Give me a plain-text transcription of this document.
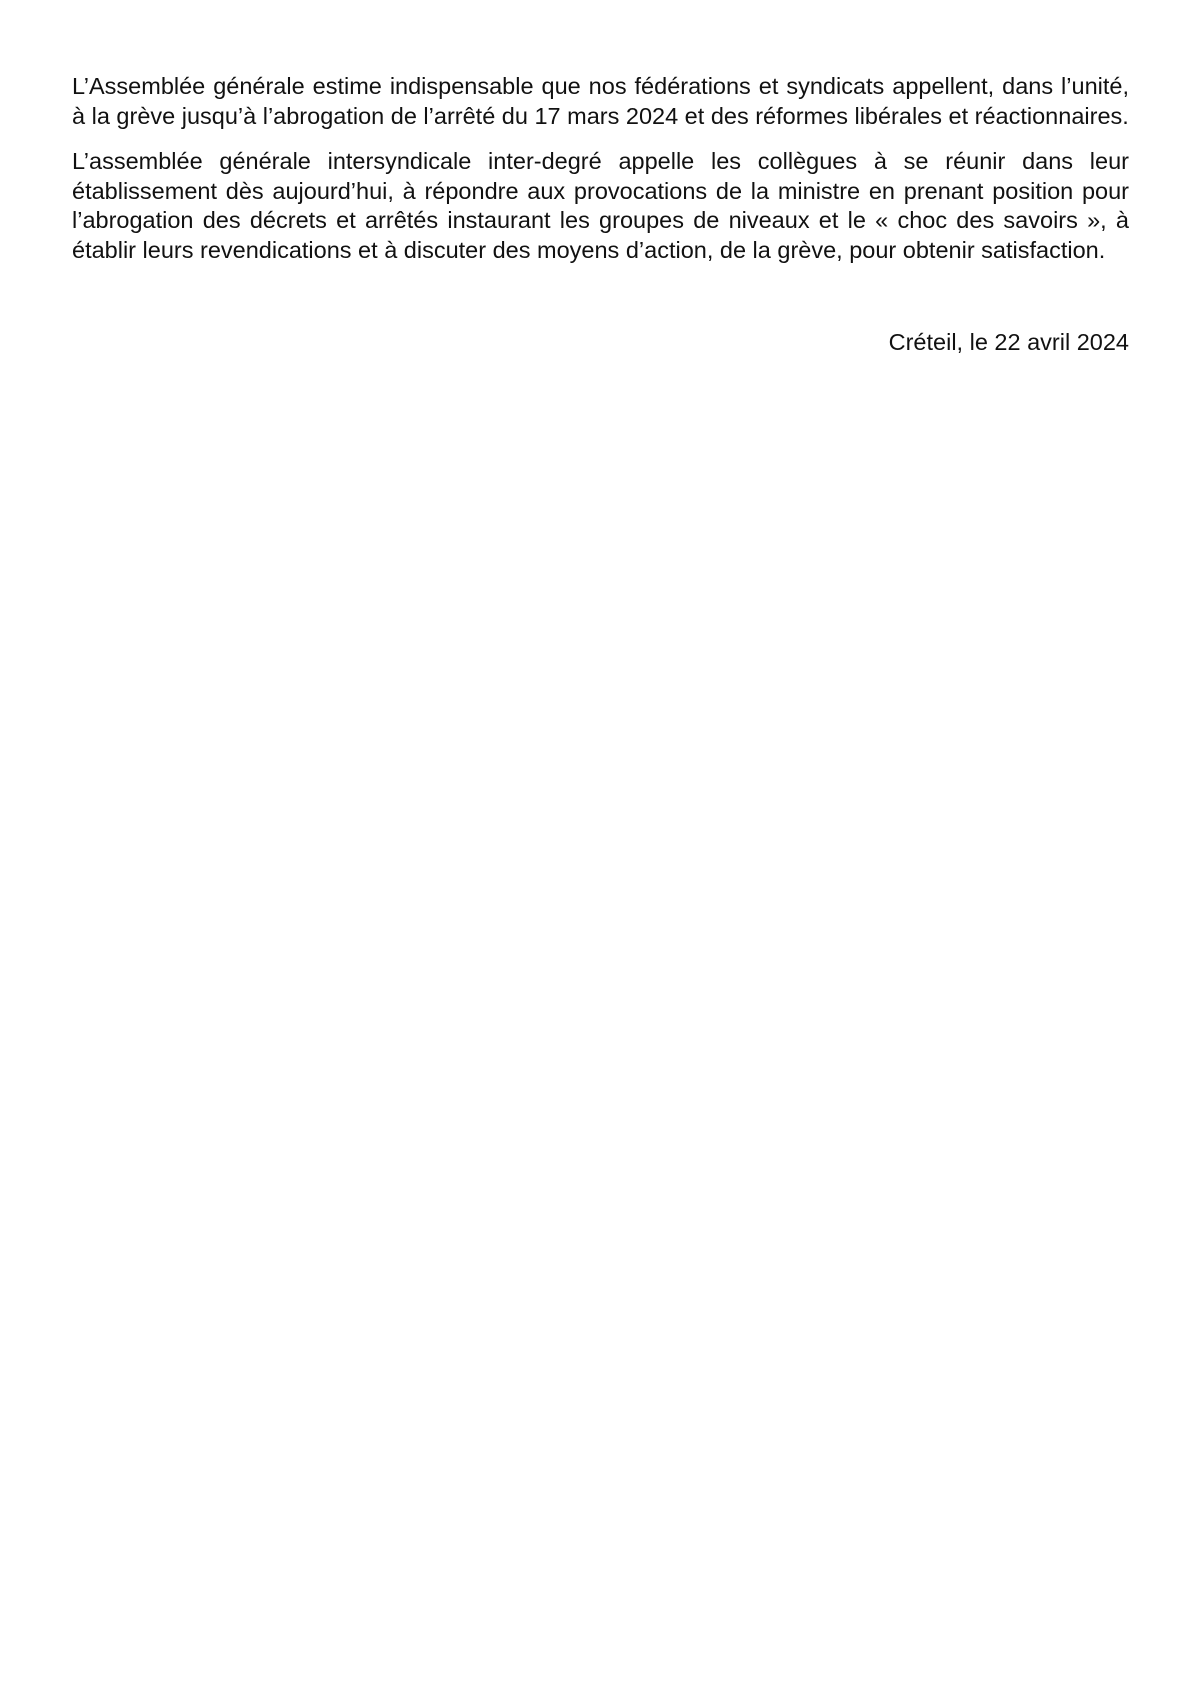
L’Assemblée générale estime indispensable que nos fédérations et syndicats appellent, dans l’unité, à la grève jusqu’à l’abrogation de l’arrêté du 17 mars 2024 et des réformes libérales et réactionnaires.

L’assemblée générale intersyndicale inter-degré appelle les collègues à se réunir dans leur établissement dès aujourd’hui, à répondre aux provocations de la ministre en prenant position pour l’abrogation des décrets et arrêtés instaurant les groupes de niveaux et le « choc des savoirs », à établir leurs revendications et à discuter des moyens d’action, de la grève, pour obtenir satisfaction.

Créteil, le 22 avril 2024
